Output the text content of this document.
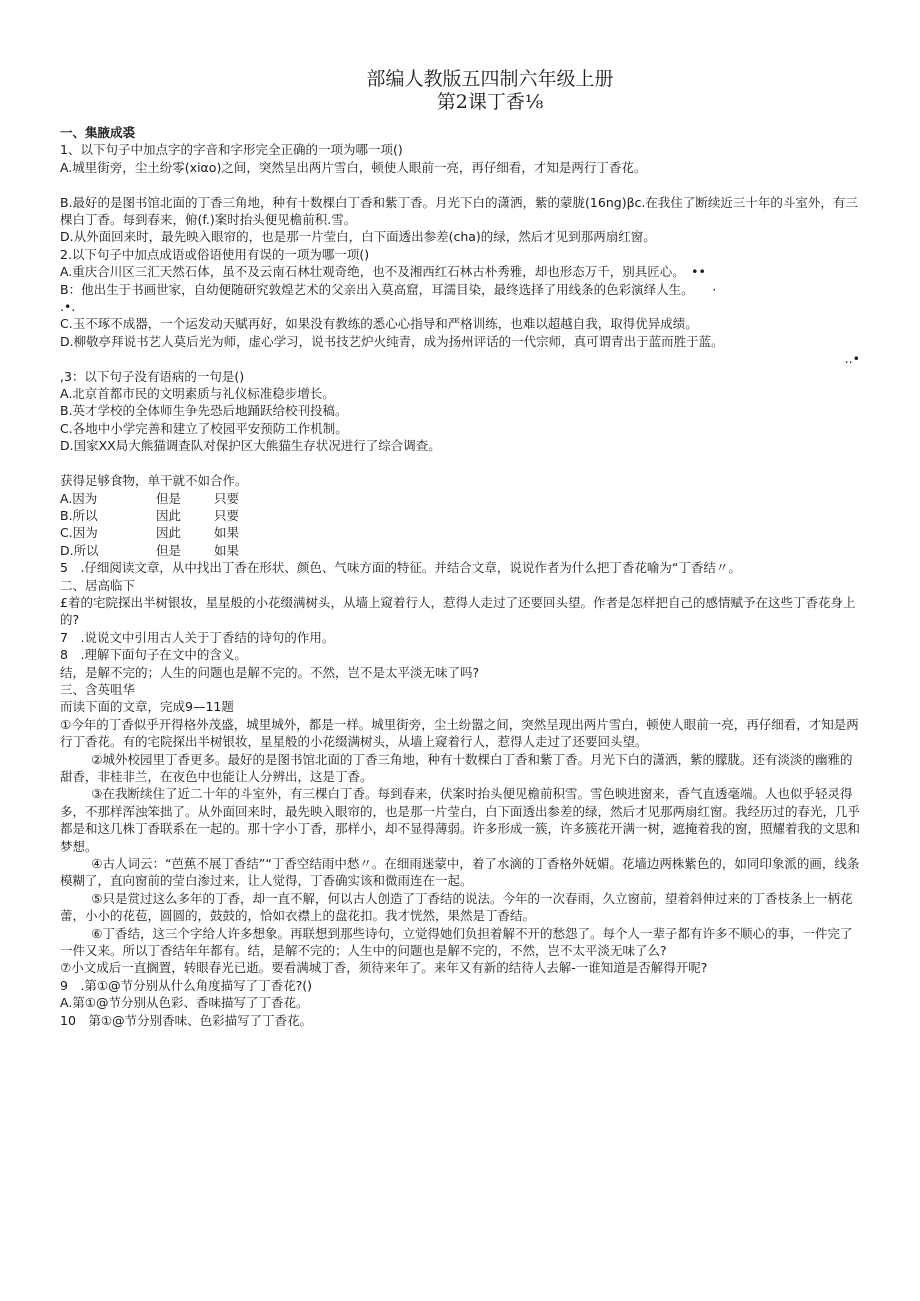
部编人教版五四制六年级上册
第2课丁香⅛

一、集腋成裘

1、以下句子中加点字的字音和字形完全正确的一项为哪一项()

A.城里街旁，尘土纷零(xiαo)之间，突然呈出两片雪白，顿使人眼前一亮，再仔细看，才知是两行丁香花。

B.最好的是图书馆北面的丁香三角地，种有十数棵白丁香和紫丁香。月光下白的潇洒，紫的蒙胧(16ng)βc.在我住了断续近三十年的斗室外，有三棵白丁香。每到春来，俯(f.)案时抬头便见檐前积.雪。

D.从外面回来时，最先映入眼帘的，也是那一片莹白，白下面透出参差(cha)的绿，然后才见到那两扇红窗。

2.以下句子中加点成语或俗语使用有误的一项为哪一项()

A.重庆合川区三汇天然石体，虽不及云南石林壮观奇绝，也不及湘西红石林古朴秀雅，却也形态万千，别具匠心。　 ••

B：他出生于书画世家，自幼便随研究敦煌艺术的父亲出入莫高窟，耳濡目染，最终选择了用线条的色彩演绎人生。　　 ·

.•.

C.玉不琢不成器，一个运发动天赋再好，如果没有教练的悉心心指导和严格训练，也难以超越自我，取得优异成绩。

D.柳敬亭拜说书艺人莫后光为师，虚心学习，说书技艺炉火纯青，成为扬州评话的一代宗师，真可谓青出于蓝而胜于蓝。

..•

,3：以下句子没有语病的一句是()

A.北京首都市民的文明素质与礼仪标准稳步增长。

B.英才学校的全体师生争先恐后地踊跃给校刊投稿。

C.各地中小学完善和建立了校园平安预防工作机制。

D.国家XX局大熊猫调查队对保护区大熊猫生存状况进行了综合调查。

获得足够食物，单干就不如合作。

A.因为	但是	只要

B.所以	因此	只要

C.因为	因此	如果

D.所以	但是	如果

5　.仔细阅读文章，从中找出丁香在形状、颜色、气味方面的特征。并结合文章，说说作者为什么把丁香花喻为“丁香结〃。

二、居高临下

£着的宅院探出半树银妆，星星般的小花缀满树头，从墙上窥着行人，惹得人走过了还要回头望。作者是怎样把自己的感情赋予在这些丁香花身上的?

7　.说说文中引用古人关于丁香结的诗句的作用。

8　.理解下面句子在文中的含义。

结，是解不完的；人生的问题也是解不完的。不然，岂不是太平淡无味了吗?

三、含英咀华

而读下面的文章，完成9—11题

①今年的丁香似乎开得格外茂盛，城里城外，都是一样。城里街旁，尘土纷嚣之间，突然呈现出两片雪白，顿使人眼前一亮，再仔细看，才知是两行丁香花。有的宅院探出半树银妆，星星般的小花缀满树头，从墙上窥着行人，惹得人走过了还要回头望。

②城外校园里丁香更多。最好的是图书馆北面的丁香三角地，种有十数棵白丁香和紫丁香。月光下白的潇洒，紫的朦胧。还有淡淡的幽雅的甜香，非桂非兰，在夜色中也能让人分辨出，这是丁香。

③在我断续住了近二十年的斗室外，有三棵白丁香。每到春来，伏案时抬头便见檐前积雪。雪色映进窗来，香气直透毫端。人也似乎轻灵得多，不那样浑浊笨拙了。从外面回来时，最先映入眼帘的，也是那一片莹白，白下面透出参差的绿，然后才见那两扇红窗。我经历过的春光，几乎都是和这几株丁香联系在一起的。那十字小丁香，那样小，却不显得薄弱。许多形成一簇，许多簇花开满一树，遮掩着我的窗，照耀着我的文思和梦想。

④古人词云：“芭蕉不展丁香结”“丁香空结雨中愁〃。在细雨迷蒙中，着了水滴的丁香格外妩媚。花墙边两株紫色的，如同印象派的画，线条模糊了，直向窗前的莹白渗过来，让人觉得，丁香确实该和微雨连在一起。

⑤只是赏过这么多年的丁香，却一直不解，何以古人创造了丁香结的说法。今年的一次春雨，久立窗前，望着斜伸过来的丁香枝条上一柄花蕾，小小的花苞，圆圆的，鼓鼓的，恰如衣襟上的盘花扣。我才恍然，果然是丁香结。

⑥丁香结，这三个字给人许多想象。再联想到那些诗句，立觉得她们负担着解不开的愁怨了。每个人一辈子都有许多不顺心的事，一件完了一件又来。所以丁香结年年都有。结，是解不完的；人生中的问题也是解不完的，不然，岂不太平淡无味了么?

⑦小文成后一直搁置，转眼春光已逝。要看满城丁香，须待来年了。来年又有新的结待人去解-一谁知道是否解得开呢?

9　.第①@节分别从什么角度描写了丁香花?()

A.第①@节分别从色彩、香味描写了丁香花。

10　第①@节分别香味、色彩描写了丁香花。
